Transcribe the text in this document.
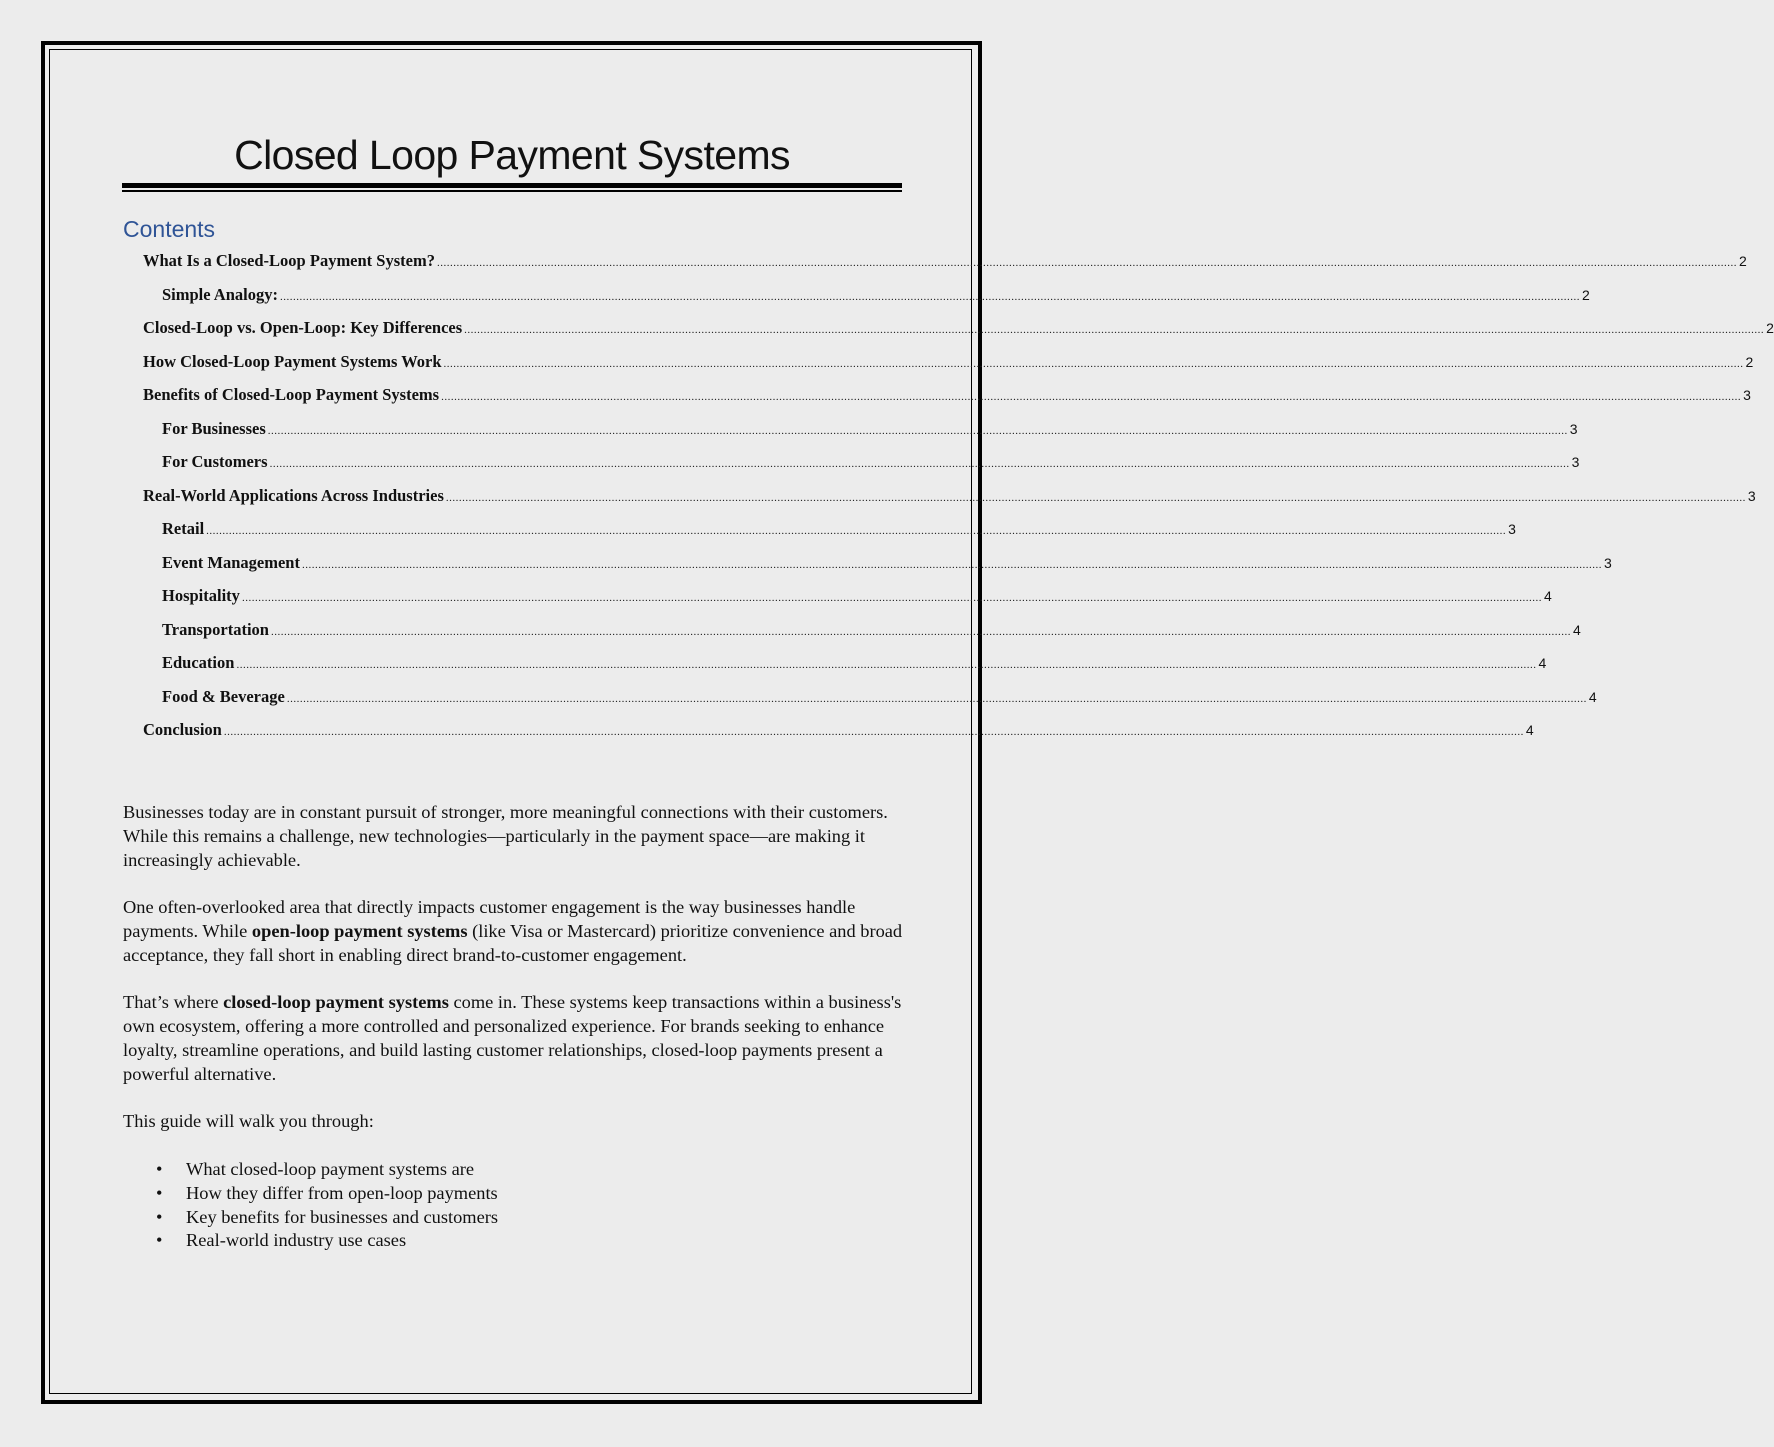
Closed Loop Payment Systems
Contents
What Is a Closed-Loop Payment System? ................................................................................................................................................................................................................................................................................................................................................................................................................ 2
Simple Analogy: ................................................................................................................................................................................................................................................................................................................................................................................................................ 2
Closed-Loop vs. Open-Loop: Key Differences ................................................................................................................................................................................................................................................................................................................................................................................................................ 2
How Closed-Loop Payment Systems Work ................................................................................................................................................................................................................................................................................................................................................................................................................ 2
Benefits of Closed-Loop Payment Systems ................................................................................................................................................................................................................................................................................................................................................................................................................ 3
For Businesses ................................................................................................................................................................................................................................................................................................................................................................................................................ 3
For Customers ................................................................................................................................................................................................................................................................................................................................................................................................................ 3
Real-World Applications Across Industries ................................................................................................................................................................................................................................................................................................................................................................................................................ 3
Retail ................................................................................................................................................................................................................................................................................................................................................................................................................ 3
Event Management ................................................................................................................................................................................................................................................................................................................................................................................................................ 3
Hospitality ................................................................................................................................................................................................................................................................................................................................................................................................................ 4
Transportation ................................................................................................................................................................................................................................................................................................................................................................................................................ 4
Education ................................................................................................................................................................................................................................................................................................................................................................................................................ 4
Food & Beverage ................................................................................................................................................................................................................................................................................................................................................................................................................ 4
Conclusion ................................................................................................................................................................................................................................................................................................................................................................................................................ 4

Businesses today are in constant pursuit of stronger, more meaningful connections with their customers. While this remains a challenge, new technologies—particularly in the payment space—are making it increasingly achievable.

One often-overlooked area that directly impacts customer engagement is the way businesses handle payments. While open-loop payment systems (like Visa or Mastercard) prioritize convenience and broad acceptance, they fall short in enabling direct brand-to-customer engagement.

That’s where closed-loop payment systems come in. These systems keep transactions within a business's own ecosystem, offering a more controlled and personalized experience. For brands seeking to enhance loyalty, streamline operations, and build lasting customer relationships, closed-loop payments present a powerful alternative.

This guide will walk you through:

• What closed-loop payment systems are
• How they differ from open-loop payments
• Key benefits for businesses and customers
• Real-world industry use cases
